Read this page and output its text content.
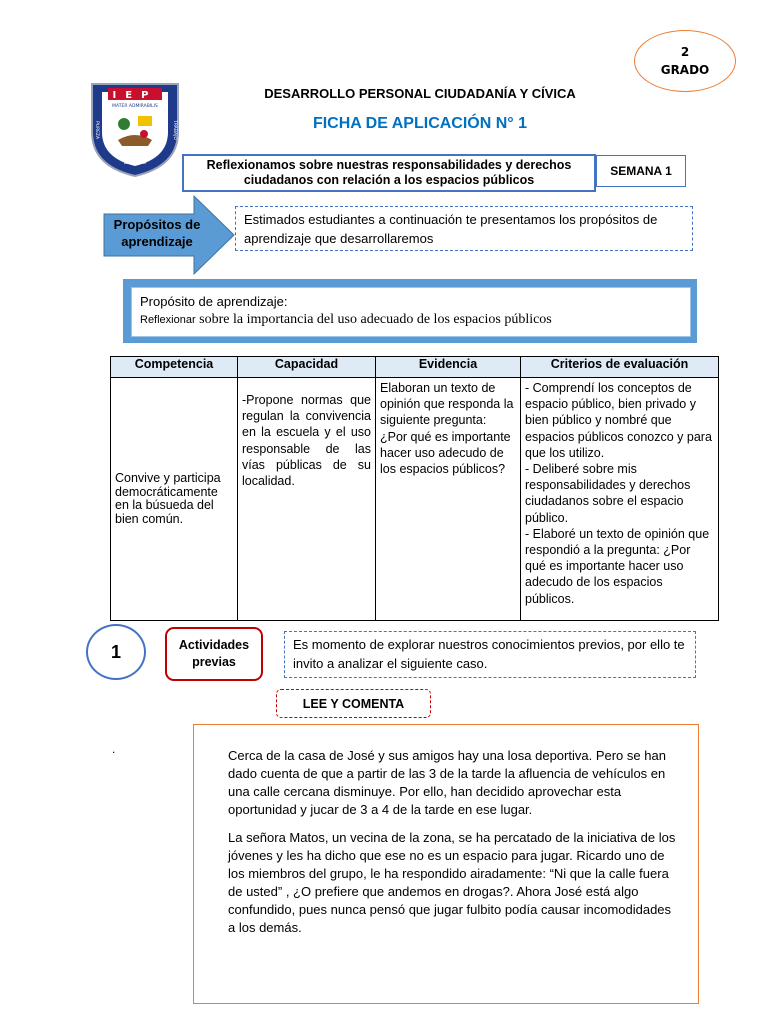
2
GRADO
IEP
MATER ADMIRABILIS
PUREZA	TRABAJO
ESTUDIO
DESARROLLO PERSONAL CIUDADANÍA Y CÍVICA
FICHA DE APLICACIÓN N° 1
Reflexionamos sobre nuestras responsabilidades y derechos
ciudadanos con relación a los espacios públicos
SEMANA 1
Propósitos de
aprendizaje
Estimados estudiantes a continuación te presentamos los propósitos de aprendizaje que desarrollaremos
Propósito de aprendizaje:
Reflexionar sobre la importancia del uso adecuado de los espacios públicos
Competencia	Capacidad	Evidencia	Criterios de evaluación
Convive y participa democráticamente en la búsueda del bien común.	-Propone normas que regulan la convivencia en la escuela y el uso responsable de las vías públicas de su localidad.	Elaboran un texto de opinión que responda la siguiente pregunta: ¿Por qué es importante hacer uso adecudo de los espacios públicos?	- Comprendí los conceptos de espacio público, bien privado y bien público y nombré que espacios públicos conozco y para que los utilizo.
- Deliberé sobre mis responsabilidades y derechos ciudadanos sobre el espacio público.
- Elaboré un texto de opinión que respondió a la pregunta: ¿Por qué es importante hacer uso adecudo de los espacios públicos.
1	Actividades
previas
Es momento de explorar nuestros conocimientos previos, por ello te invito a analizar el siguiente caso.
LEE Y COMENTA
.	Cerca de la casa de José y sus amigos hay una losa deportiva. Pero se han dado cuenta de que a partir de las 3 de la tarde la afluencia de vehículos en una calle cercana disminuye. Por ello, han decidido aprovechar esta oportunidad y jucar de 3 a 4 de la tarde en ese lugar.

La señora Matos, un vecina de la zona, se ha percatado de la iniciativa de los jóvenes y les ha dicho que ese no es un espacio para jugar. Ricardo uno de los miembros del grupo, le ha respondido airadamente: “Ni que la calle fuera de usted” , ¿O prefiere que andemos en drogas?. Ahora José está algo confundido, pues nunca pensó que jugar fulbito podía causar incomodidades a los demás.
